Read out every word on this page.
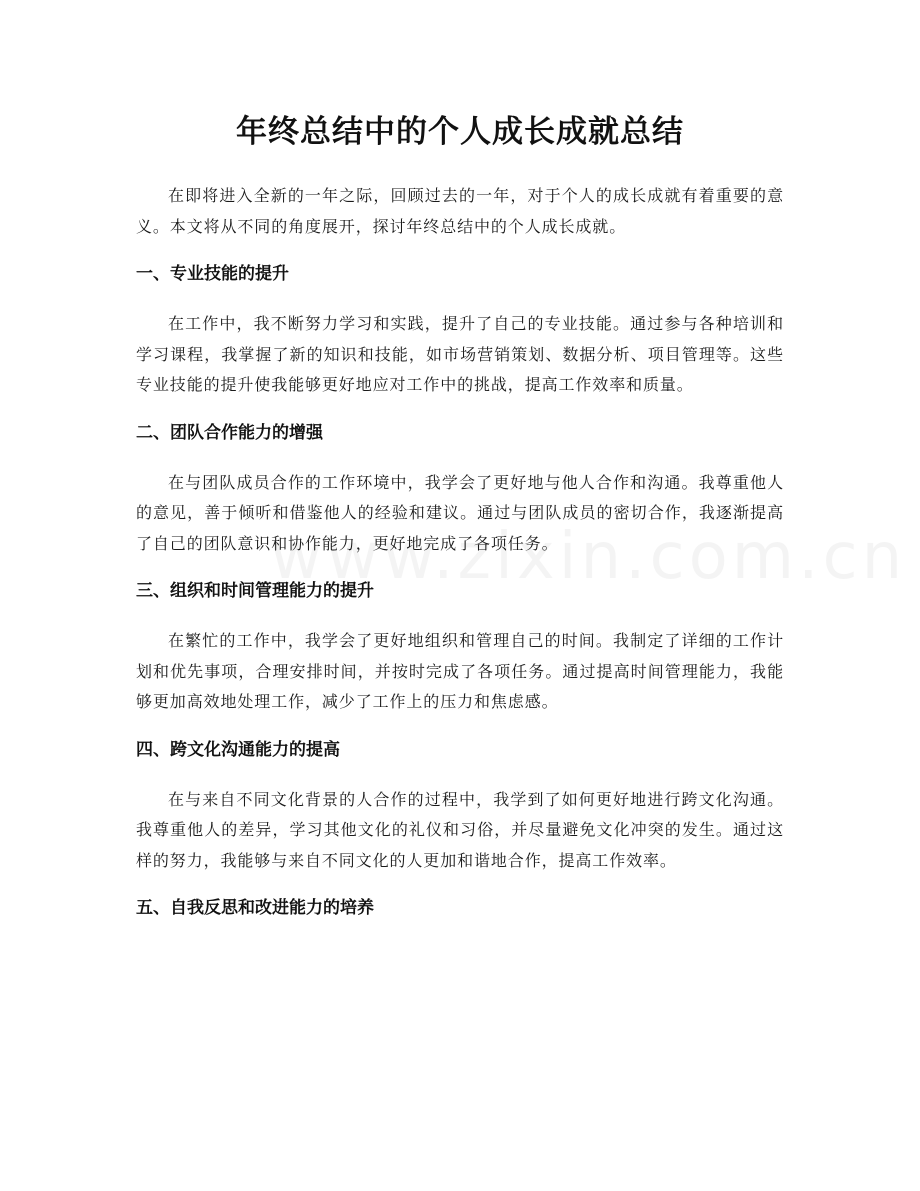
年终总结中的个人成长成就总结

在即将进入全新的一年之际，回顾过去的一年，对于个人的成长成就有着重要的意义。本文将从不同的角度展开，探讨年终总结中的个人成长成就。

一、专业技能的提升

在工作中，我不断努力学习和实践，提升了自己的专业技能。通过参与各种培训和学习课程，我掌握了新的知识和技能，如市场营销策划、数据分析、项目管理等。这些专业技能的提升使我能够更好地应对工作中的挑战，提高工作效率和质量。

二、团队合作能力的增强

在与团队成员合作的工作环境中，我学会了更好地与他人合作和沟通。我尊重他人的意见，善于倾听和借鉴他人的经验和建议。通过与团队成员的密切合作，我逐渐提高了自己的团队意识和协作能力，更好地完成了各项任务。

三、组织和时间管理能力的提升

在繁忙的工作中，我学会了更好地组织和管理自己的时间。我制定了详细的工作计划和优先事项，合理安排时间，并按时完成了各项任务。通过提高时间管理能力，我能够更加高效地处理工作，减少了工作上的压力和焦虑感。

四、跨文化沟通能力的提高

在与来自不同文化背景的人合作的过程中，我学到了如何更好地进行跨文化沟通。我尊重他人的差异，学习其他文化的礼仪和习俗，并尽量避免文化冲突的发生。通过这样的努力，我能够与来自不同文化的人更加和谐地合作，提高工作效率。

五、自我反思和改进能力的培养
